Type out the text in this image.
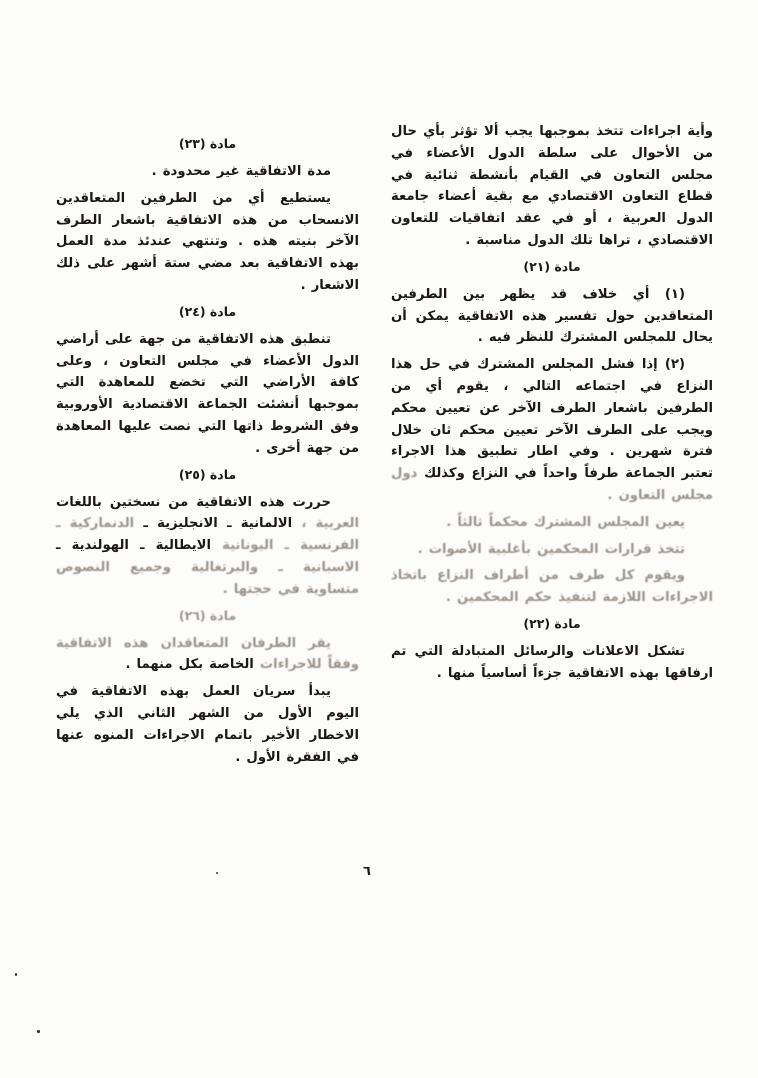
وأية اجراءات تتخذ بموجبها يجب ألا تؤثر بأي حال من الأحوال على سلطة الدول الأعضاء في مجلس التعاون في القيام بأنشطة ثنائية في قطاع التعاون الاقتصادي مع بقية أعضاء جامعة الدول العربية ، أو في عقد اتفاقيات للتعاون الاقتصادي ، تراها تلك الدول مناسبة .
مادة (٢١)
(١) أي خلاف قد يظهر بين الطرفين المتعاقدين حول تفسير هذه الاتفاقية يمكن أن يحال للمجلس المشترك للنظر فيه .
(٢) إذا فشل المجلس المشترك في حل هذا النزاع في اجتماعه التالي ، يقوم أي من الطرفين باشعار الطرف الآخر عن تعيين محكم ويجب على الطرف الآخر تعيين محكم ثان خلال فترة شهرين . وفي اطار تطبيق هذا الاجراء تعتبر الجماعة طرفاً واحداً في النزاع وكذلك دول مجلس التعاون .
يعين المجلس المشترك محكماً ثالثاً .
تتخذ قرارات المحكمين بأغلبية الأصوات .
ويقوم كل طرف من أطراف النزاع باتخاذ الاجراءات اللازمة لتنفيذ حكم المحكمين .
مادة (٢٢)
تشكل الاعلانات والرسائل المتبادلة التي تم ارفاقها بهذه الاتفاقية جزءاً أساسياً منها .
مادة (٢٣)
مدة الاتفاقية غير محدودة .
يستطيع أي من الطرفين المتعاقدين الانسحاب من هذه الاتفاقية باشعار الطرف الآخر بنيته هذه . وتنتهي عندئذ مدة العمل بهذه الاتفاقية بعد مضي ستة أشهر على ذلك الاشعار .
مادة (٢٤)
تنطبق هذه الاتفاقية من جهة على أراضي الدول الأعضاء في مجلس التعاون ، وعلى كافة الأراضي التي تخضع للمعاهدة التي بموجبها أنشئت الجماعة الاقتصادية الأوروبية وفق الشروط ذاتها التي نصت عليها المعاهدة من جهة أخرى .
مادة (٢٥)
حررت هذه الاتفاقية من نسختين باللغات العربية ، الالمانية ـ الانجليزية ـ الدنماركية ـ الفرنسية ـ اليونانية الايطالية ـ الهولندية ـ الاسبانية ـ والبرتغالية وجميع النصوص متساوية في حجتها .
مادة (٢٦)
يقر الطرفان المتعاقدان هذه الاتفاقية وفقاً للاجراءات الخاصة بكل منهما .
يبدأ سريان العمل بهذه الاتفاقية في اليوم الأول من الشهر الثاني الذي يلي الاخطار الأخير باتمام الاجراءات المنوه عنها في الفقرة الأول .
٦
